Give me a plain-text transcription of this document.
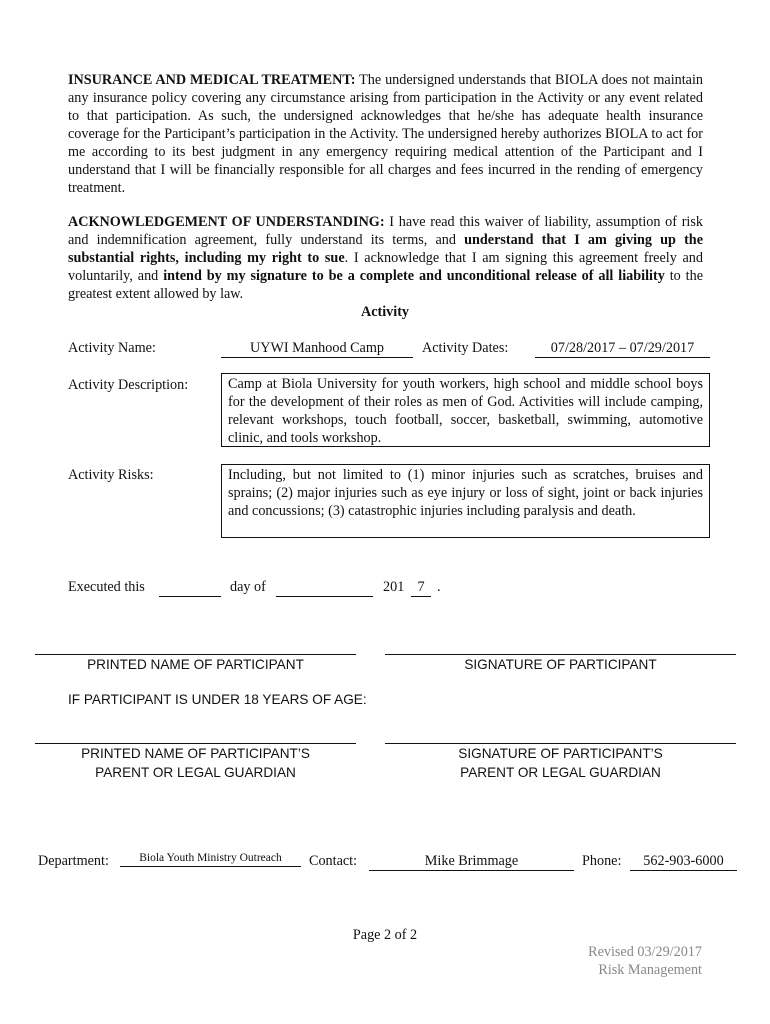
INSURANCE AND MEDICAL TREATMENT: The undersigned understands that BIOLA does not maintain any insurance policy covering any circumstance arising from participation in the Activity or any event related to that participation. As such, the undersigned acknowledges that he/she has adequate health insurance coverage for the Participant’s participation in the Activity. The undersigned hereby authorizes BIOLA to act for me according to its best judgment in any emergency requiring medical attention of the Participant and I understand that I will be financially responsible for all charges and fees incurred in the rending of emergency treatment.

ACKNOWLEDGEMENT OF UNDERSTANDING: I have read this waiver of liability, assumption of risk and indemnification agreement, fully understand its terms, and understand that I am giving up the substantial rights, including my right to sue. I acknowledge that I am signing this agreement freely and voluntarily, and intend by my signature to be a complete and unconditional release of all liability to the greatest extent allowed by law.

Activity
Activity Name:	UYWI Manhood Camp	Activity Dates:	07/28/2017 – 07/29/2017
Activity Description:	Camp at Biola University for youth workers, high school and middle school boys for the development of their roles as men of God. Activities will include camping, relevant workshops, touch football, soccer, basketball, swimming, automotive clinic, and tools workshop.
Activity Risks:	Including, but not limited to (1) minor injuries such as scratches, bruises and sprains; (2) major injuries such as eye injury or loss of sight, joint or back injuries and concussions; (3) catastrophic injuries including paralysis and death.
Executed this	day of	201 7 .
PRINTED NAME OF PARTICIPANT	SIGNATURE OF PARTICIPANT
IF PARTICIPANT IS UNDER 18 YEARS OF AGE:
PRINTED NAME OF PARTICIPANT’S
PARENT OR LEGAL GUARDIAN
SIGNATURE OF PARTICIPANT’S
PARENT OR LEGAL GUARDIAN
Department:	Biola Youth Ministry Outreach	Contact:	Mike Brimmage	Phone:	562-903-6000
Page 2 of 2
Revised 03/29/2017
Risk Management
